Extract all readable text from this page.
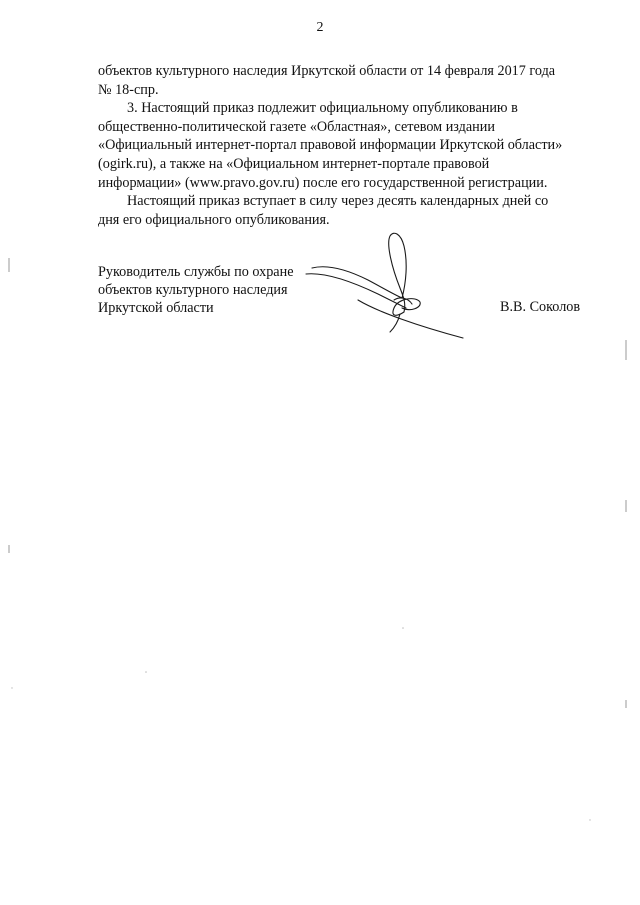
2

объектов культурного наследия Иркутской области от 14 февраля 2017 года

№ 18-спр.

3. Настоящий приказ подлежит официальному опубликованию в

общественно-политической газете «Областная», сетевом издании

«Официальный интернет-портал правовой информации Иркутской области»

(ogirk.ru), а также на «Официальном интернет-портале правовой

информации» (www.pravo.gov.ru) после его государственной регистрации.

Настоящий приказ вступает в силу через десять календарных дней со

дня его официального опубликования.

Руководитель службы по охране
объектов культурного наследия
Иркутской области	В.В. Соколов
